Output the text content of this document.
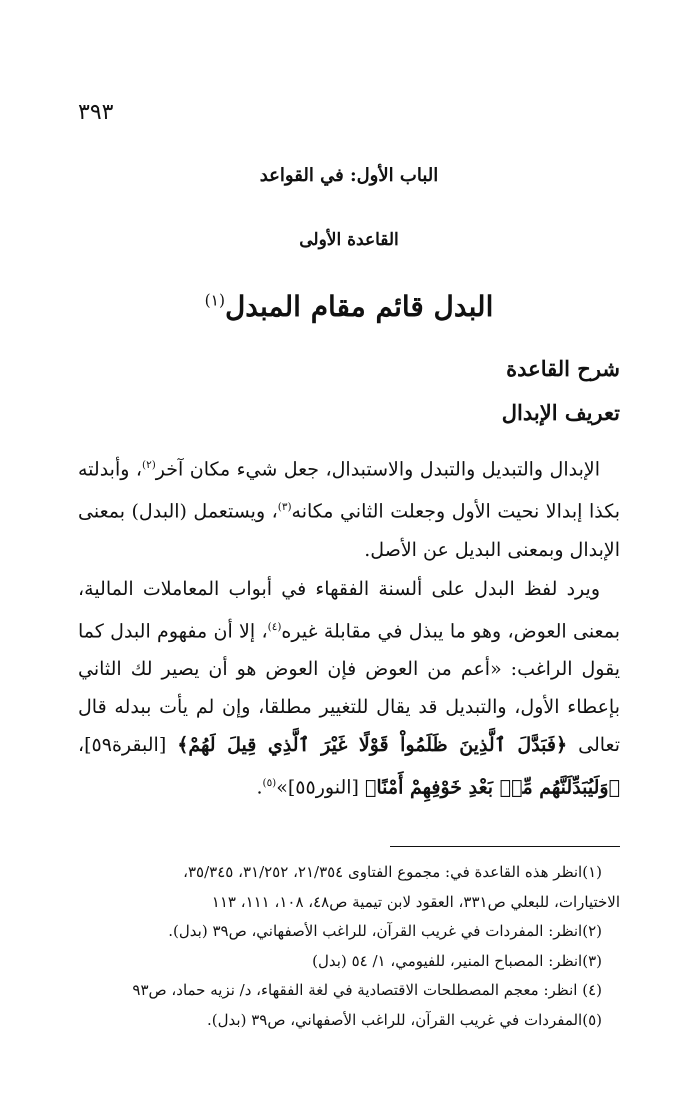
٣٩٣
الباب الأول: في القواعد
القاعدة الأولى
البدل قائم مقام المبدل$^{(١)}$
شرح القاعدة
تعريف الإبدال
الإبدال والتبديل والتبدل والاستبدال، جعل شيء مكان آخر$^{(٢)}$، وأبدلته بكذا إبدالا نحيت الأول وجعلت الثاني مكانه$^{(٣)}$، ويستعمل (البدل) بمعنى الإبدال وبمعنى البديل عن الأصل.
ويرد لفظ البدل على ألسنة الفقهاء في أبواب المعاملات المالية، بمعنى العوض، وهو ما يبذل في مقابلة غيره$^{(٤)}$، إلا أن مفهوم البدل كما يقول الراغب: «أعم من العوض فإن العوض هو أن يصير لك الثاني بإعطاء الأول، والتبديل قد يقال للتغيير مطلقا، وإن لم يأت ببدله قال تعالى ﴿فَبَدَّلَ ٱلَّذِينَ ظَلَمُواْ قَوْلًا غَيْرَ ٱلَّذِي قِيلَ لَهُمْ﴾ [البقرة٥٩]، ﴿وَلَيُبَدِّلَنَّهُم مِّنۢ بَعْدِ خَوْفِهِمْ أَمْنًا﴾ [النور٥٥]»$^{(٥)}$.
(١)انظر هذه القاعدة في: مجموع الفتاوى ٢١/٣٥٤، ٣١/٢٥٢، ٣٥/٣٤٥،
الاختيارات، للبعلي ص٣٣١، العقود لابن تيمية ص٤٨، ١٠٨، ١١١، ١١٣
(٢)انظر: المفردات في غريب القرآن، للراغب الأصفهاني، ص٣٩ (بدل).
(٣)انظر: المصباح المنير، للفيومي، ١/ ٥٤ (بدل)
(٤) انظر: معجم المصطلحات الاقتصادية في لغة الفقهاء، د/ نزيه حماد، ص٩٣
(٥)المفردات في غريب القرآن، للراغب الأصفهاني، ص٣٩ (بدل).
